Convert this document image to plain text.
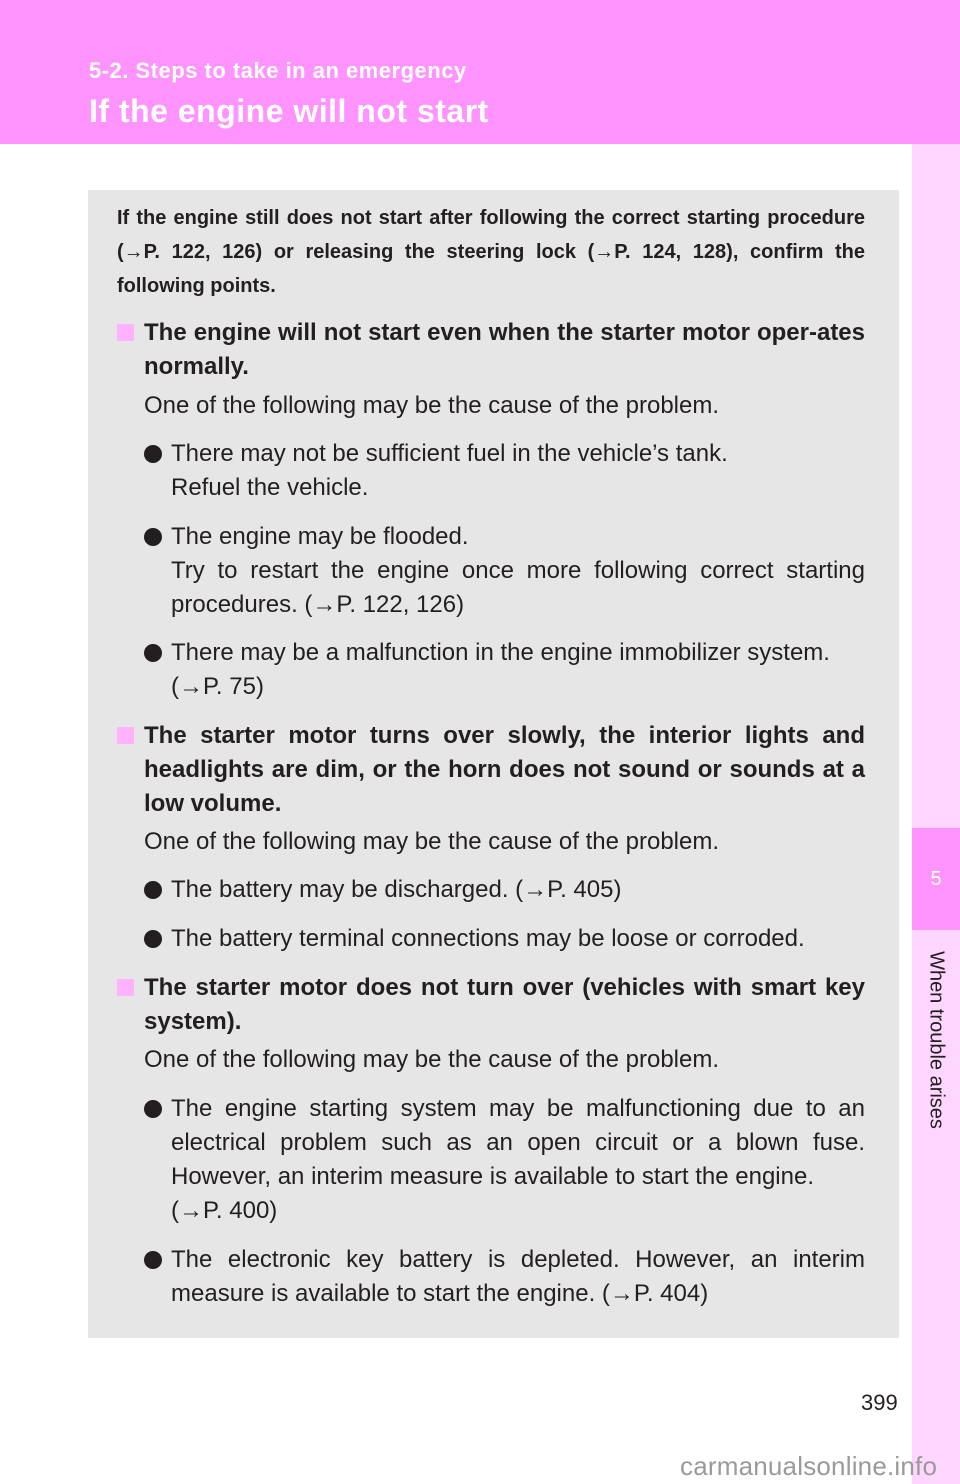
5-2. Steps to take in an emergency
If the engine will not start
5
When trouble arises
If the engine still does not start after following the correct starting procedure (→P. 122, 126) or releasing the steering lock (→P. 124, 128), confirm the following points.
The engine will not start even when the starter motor oper-ates normally.
One of the following may be the cause of the problem.
There may not be sufficient fuel in the vehicle’s tank.
Refuel the vehicle.
The engine may be flooded.
Try to restart the engine once more following correct starting procedures. (→P. 122, 126)
There may be a malfunction in the engine immobilizer system.
(→P. 75)
The starter motor turns over slowly, the interior lights and headlights are dim, or the horn does not sound or sounds at a low volume.
One of the following may be the cause of the problem.
The battery may be discharged. (→P. 405)
The battery terminal connections may be loose or corroded.
The starter motor does not turn over (vehicles with smart key system).
One of the following may be the cause of the problem.
The engine starting system may be malfunctioning due to an electrical problem such as an open circuit or a blown fuse. However, an interim measure is available to start the engine.
(→P. 400)
The electronic key battery is depleted. However, an interim measure is available to start the engine. (→P. 404)
399
carmanualsonline.info
